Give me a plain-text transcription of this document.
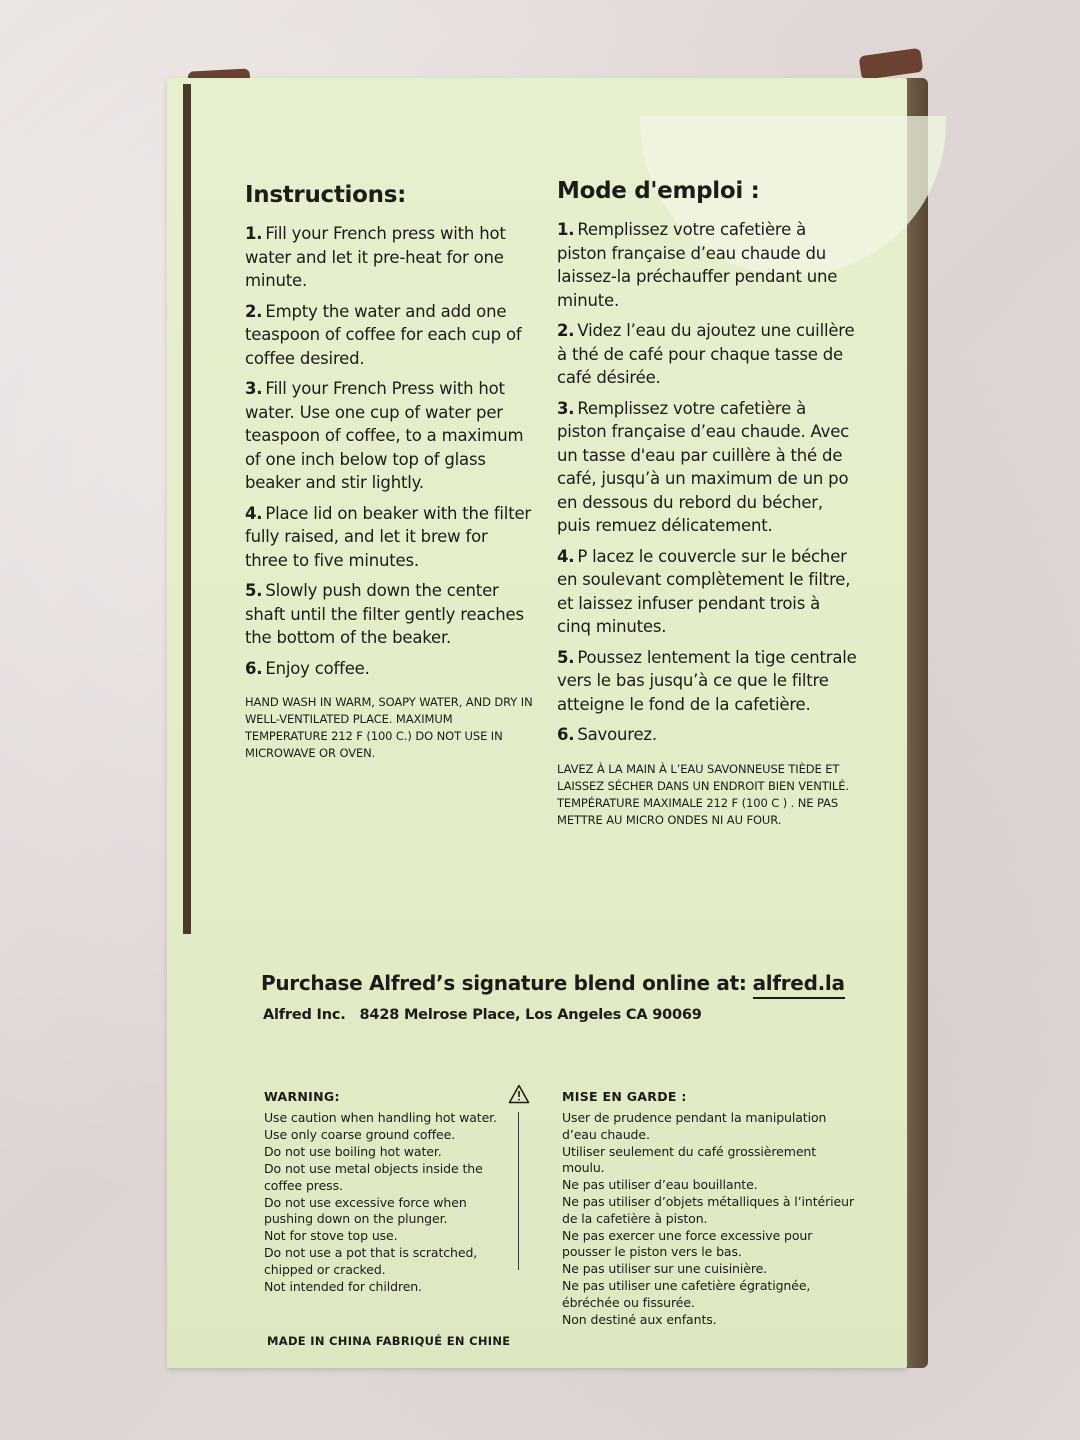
Instructions:

1. Fill your French press with hot water and let it pre-heat for one minute.

2. Empty the water and add one teaspoon of coffee for each cup of coffee desired.

3. Fill your French Press with hot water. Use one cup of water per teaspoon of coffee, to a maximum of one inch below top of glass beaker and stir lightly.

4. Place lid on beaker with the filter fully raised, and let it brew for three to five minutes.

5. Slowly push down the center shaft until the filter gently reaches the bottom of the beaker.

6. Enjoy coffee.

HAND WASH IN WARM, SOAPY WATER, AND DRY IN WELL-VENTILATED PLACE. MAXIMUM TEMPERATURE 212 F (100 C.) DO NOT USE IN MICROWAVE OR OVEN.
Mode d'emploi :

1. Remplissez votre cafetière à piston française d’eau chaude du laissez-la préchauffer pendant une minute.

2. Videz l’eau du ajoutez une cuillère à thé de café pour chaque tasse de café désirée.

3. Remplissez votre cafetière à piston française d’eau chaude. Avec un tasse d'eau par cuillère à thé de café, jusqu’à un maximum de un po en dessous du rebord du bécher, puis remuez délicatement.

4. P lacez le couvercle sur le bécher en soulevant complètement le filtre, et laissez infuser pendant trois à cinq minutes.

5. Poussez lentement la tige centrale vers le bas jusqu’à ce que le filtre atteigne le fond de la cafetière.

6. Savourez.

LAVEZ À LA MAIN À L’EAU SAVONNEUSE TIÈDE ET LAISSEZ SÉCHER DANS UN ENDROIT BIEN VENTILÉ. TEMPÉRATURE MAXIMALE 212 F (100 C ) . NE PAS METTRE AU MICRO ONDES NI AU FOUR.
Purchase Alfred’s signature blend online at: alfred.la
Alfred Inc. 8428 Melrose Place, Los Angeles CA 90069
WARNING:	MISE EN GARDE :
Use caution when handling hot water.
Use only coarse ground coffee.
Do not use boiling hot water.
Do not use metal objects inside the coffee press.
Do not use excessive force when pushing down on the plunger.
Not for stove top use.
Do not use a pot that is scratched, chipped or cracked.
Not intended for children.
User de prudence pendant la manipulation d’eau chaude.
Utiliser seulement du café grossièrement moulu.
Ne pas utiliser d’eau bouillante.
Ne pas utiliser d’objets métalliques à l’intérieur de la cafetière à piston.
Ne pas exercer une force excessive pour pousser le piston vers le bas.
Ne pas utiliser sur une cuisinière.
Ne pas utiliser une cafetière égratignée, ébréchée ou fissurée.
Non destiné aux enfants.
MADE IN CHINA FABRIQUÉ EN CHINE
